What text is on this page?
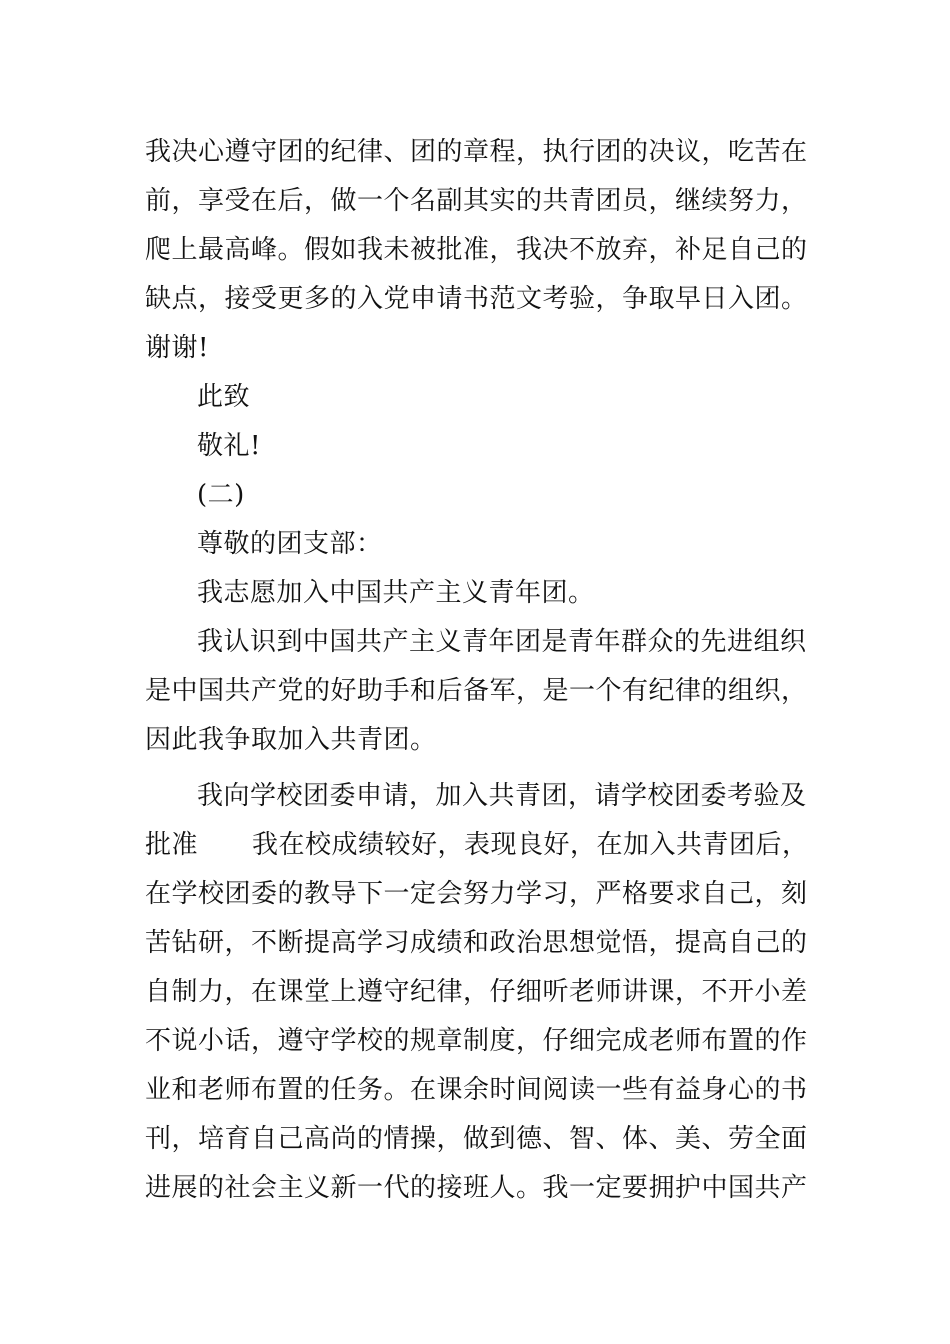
我决心遵守团的纪律、团的章程，执行团的决议，吃苦在
前，享受在后，做一个名副其实的共青团员，继续努力，
爬上最高峰。假如我未被批准，我决不放弃，补足自己的
缺点，接受更多的入党申请书范文考验，争取早日入团。
谢谢!
此致
敬礼!
(二)
尊敬的团支部：
我志愿加入中国共产主义青年团。
我认识到中国共产主义青年团是青年群众的先进组织
是中国共产党的好助手和后备军，是一个有纪律的组织，
因此我争取加入共青团。
我向学校团委申请，加入共青团，请学校团委考验及
批准 我在校成绩较好，表现良好，在加入共青团后，
在学校团委的教导下一定会努力学习，严格要求自己，刻
苦钻研，不断提高学习成绩和政治思想觉悟，提高自己的
自制力，在课堂上遵守纪律，仔细听老师讲课，不开小差
不说小话，遵守学校的规章制度，仔细完成老师布置的作
业和老师布置的任务。在课余时间阅读一些有益身心的书
刊，培育自己高尚的情操，做到德、智、体、美、劳全面
进展的社会主义新一代的接班人。我一定要拥护中国共产
